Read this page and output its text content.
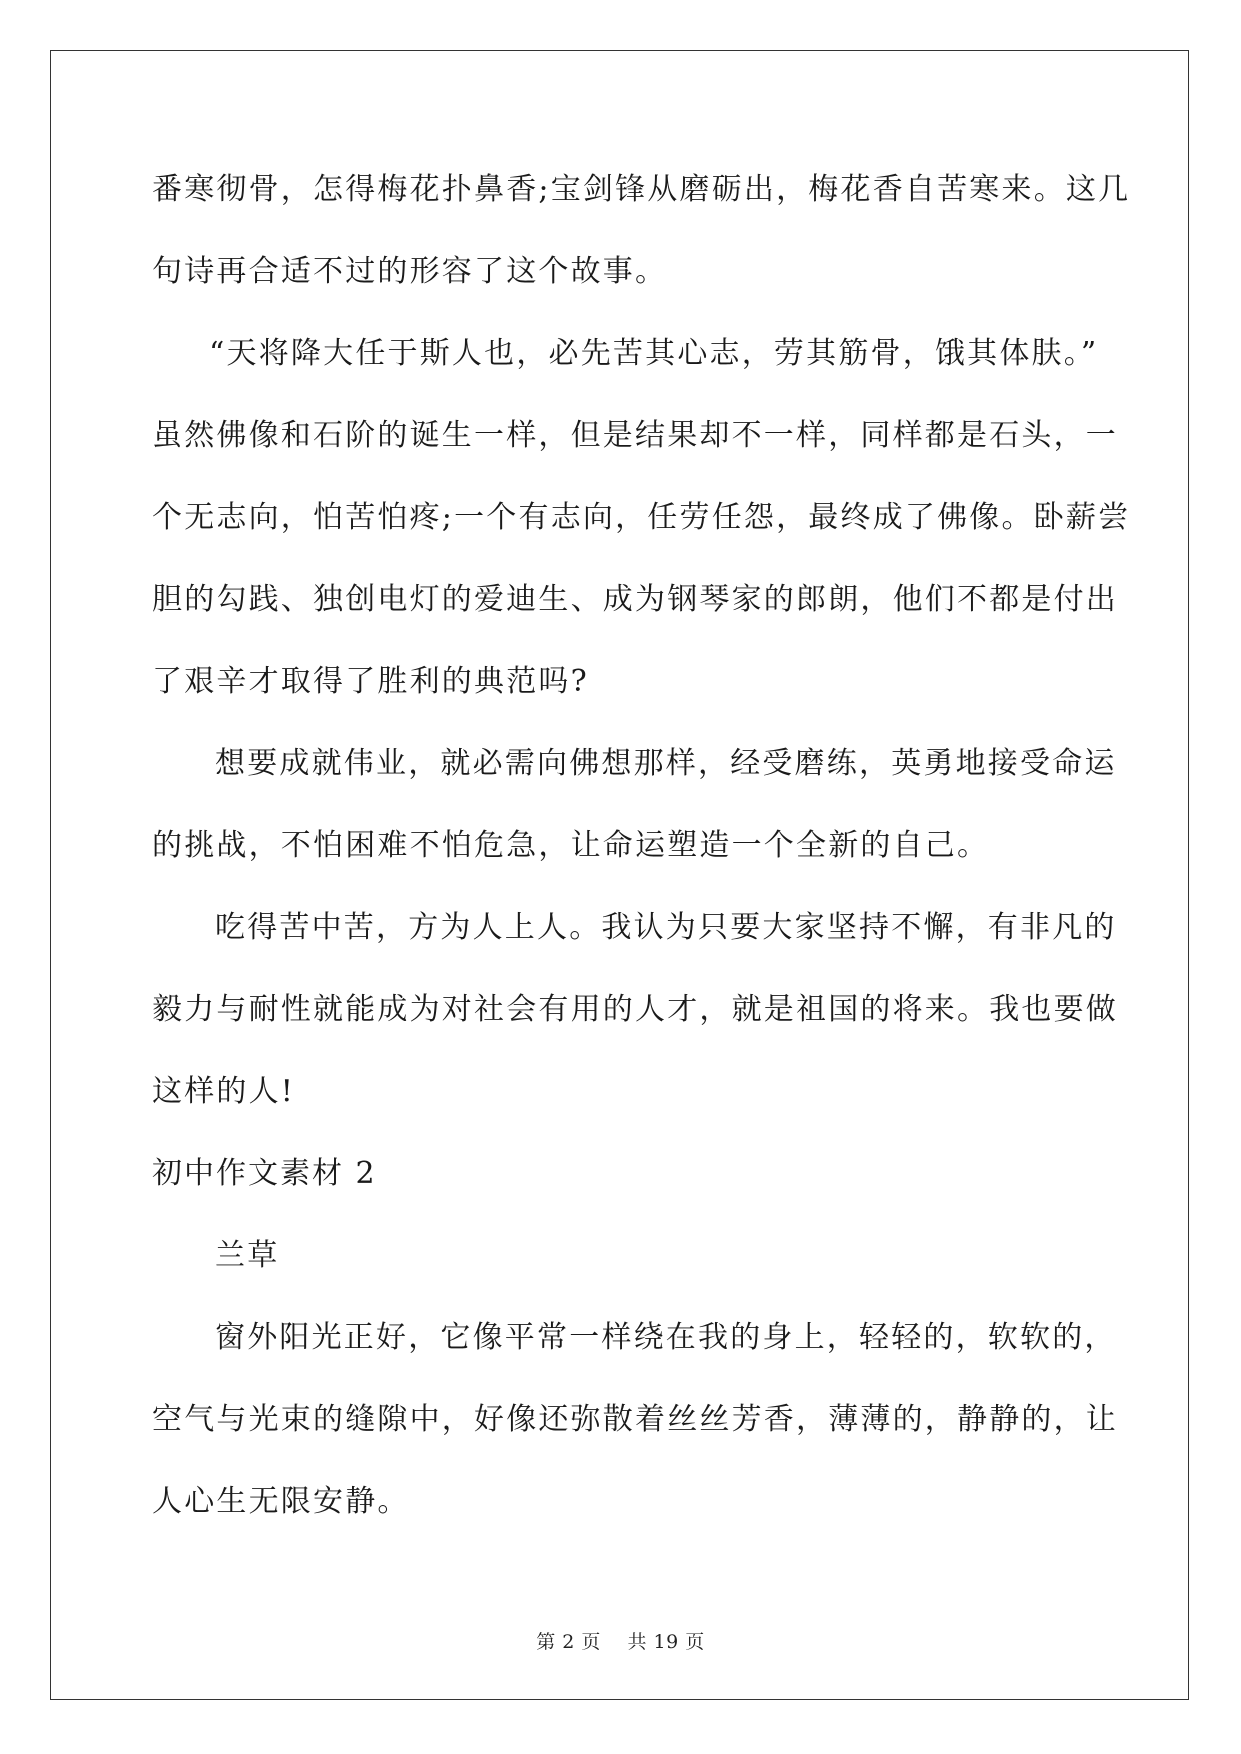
番寒彻骨，怎得梅花扑鼻香;宝剑锋从磨砺出，梅花香自苦寒来。这几
句诗再合适不过的形容了这个故事。
“天将降大任于斯人也，必先苦其心志，劳其筋骨，饿其体肤。”
虽然佛像和石阶的诞生一样，但是结果却不一样，同样都是石头，一
个无志向，怕苦怕疼;一个有志向，任劳任怨，最终成了佛像。卧薪尝
胆的勾践、独创电灯的爱迪生、成为钢琴家的郎朗，他们不都是付出
了艰辛才取得了胜利的典范吗?
想要成就伟业，就必需向佛想那样，经受磨练，英勇地接受命运
的挑战，不怕困难不怕危急，让命运塑造一个全新的自己。
吃得苦中苦，方为人上人。我认为只要大家坚持不懈，有非凡的
毅力与耐性就能成为对社会有用的人才，就是祖国的将来。我也要做
这样的人!
初中作文素材 2
兰草
窗外阳光正好，它像平常一样绕在我的身上，轻轻的，软软的，
空气与光束的缝隙中，好像还弥散着丝丝芳香，薄薄的，静静的，让
人心生无限安静。
第 2 页 共 19 页
